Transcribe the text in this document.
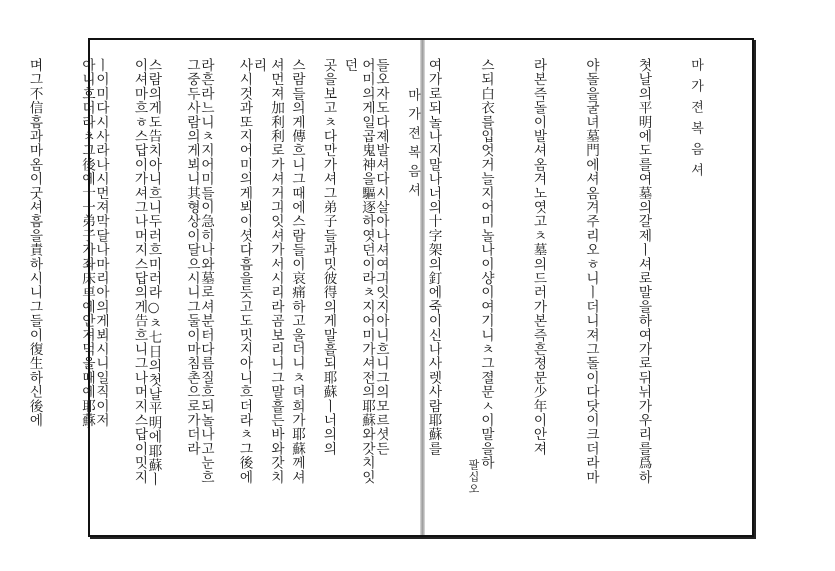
어미의게일곱鬼神을驅逐하엿던이라ㅊ지어미가셔전의耶蘇와갓치잇던

스람들의게傳흐니그때에스람들이哀痛하고울더니ㅊ뎌희가耶蘇께셔

사시것과또지어미의게뵈이셧다흠을듯고도밋지아니흐더라ㅊ그後에

그중두사람의게뵈니其형상이달으시니그둘이마침촌으로가더라

이셔마흐ㅎ스답이가셔그나머지스답의게告흐니그나머지스답이밋지

아니흐더라ㅊ그後에十一弟子가좌床卓에안져먹을때에耶蘇ㅣ

며그不信흠과마옴이굿셔흠을責하시니그들이復生하신後에

	마가젼복음셔

쳣날의平明에도를여墓의갈제ㅣ셔로말을하여가로뒤뉘가우리를爲하

야돌을굴녀墓門에셔옴겨주리오ㅎ니ㅣ더니져그돌이다닷이크더라마

라본즉돌이발셔옴겨노엿고ㅊ墓의드러가본즉흔졍문少年이안져

스되白衣를입엇거늘지어미놀나이샹이여기니ㅊ그졀문ㅅ이말을하

여가로되놀나지말나너의十字架의釘에죽이신나사렛사람耶蘇를

들오자도다졔발셔다시살아나셔여긔잇지아니흐니그의모르셧든

곳을보고ㅊ다만가셔그弟子들과밋彼得의게말흘되耶蘇ㅣ너의의

셔먼져加利利로가셔거긔잇셔가서시리라곰보리니그말흘든바와갓치리

라흔라느니ㅊ지어미들이急히나와墓로셔분터다름질흐되놀나고눈흐

스람의게도告치아니흐니두러흐미러라○ㅊ七日의첫날平明에耶蘇ㅣ

ㅣ이미다시사라나시먼져막달나마리아의게뵈시니일직이저

팔십오
마가젼복음셔
